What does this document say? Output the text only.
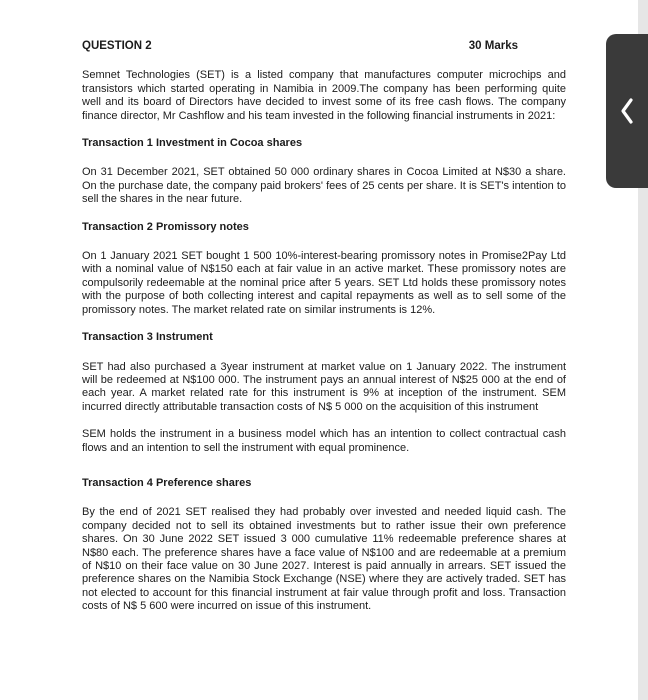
QUESTION 2	30 Marks

Semnet Technologies (SET) is a listed company that manufactures computer microchips and transistors which started operating in Namibia in 2009.The company has been performing quite well and its board of Directors have decided to invest some of its free cash flows. The company finance director, Mr Cashflow and his team invested in the following financial instruments in 2021:

Transaction 1 Investment in Cocoa shares

On 31 December 2021, SET obtained 50 000 ordinary shares in Cocoa Limited at N$30 a share. On the purchase date, the company paid brokers' fees of 25 cents per share. It is SET's intention to sell the shares in the near future.

Transaction 2 Promissory notes

On 1 January 2021 SET bought 1 500 10%-interest-bearing promissory notes in Promise2Pay Ltd with a nominal value of N$150 each at fair value in an active market. These promissory notes are compulsorily redeemable at the nominal price after 5 years. SET Ltd holds these promissory notes with the purpose of both collecting interest and capital repayments as well as to sell some of the promissory notes. The market related rate on similar instruments is 12%.

Transaction 3 Instrument

SET had also purchased a 3year instrument at market value on 1 January 2022. The instrument will be redeemed at N$100 000. The instrument pays an annual interest of N$25 000 at the end of each year. A market related rate for this instrument is 9% at inception of the instrument. SEM incurred directly attributable transaction costs of N$ 5 000 on the acquisition of this instrument

SEM holds the instrument in a business model which has an intention to collect contractual cash flows and an intention to sell the instrument with equal prominence.

Transaction 4 Preference shares

By the end of 2021 SET realised they had probably over invested and needed liquid cash. The company decided not to sell its obtained investments but to rather issue their own preference shares. On 30 June 2022 SET issued 3 000 cumulative 11% redeemable preference shares at N$80 each. The preference shares have a face value of N$100 and are redeemable at a premium of N$10 on their face value on 30 June 2027. Interest is paid annually in arrears. SET issued the preference shares on the Namibia Stock Exchange (NSE) where they are actively traded. SET has not elected to account for this financial instrument at fair value through profit and loss. Transaction costs of N$ 5 600 were incurred on issue of this instrument.
